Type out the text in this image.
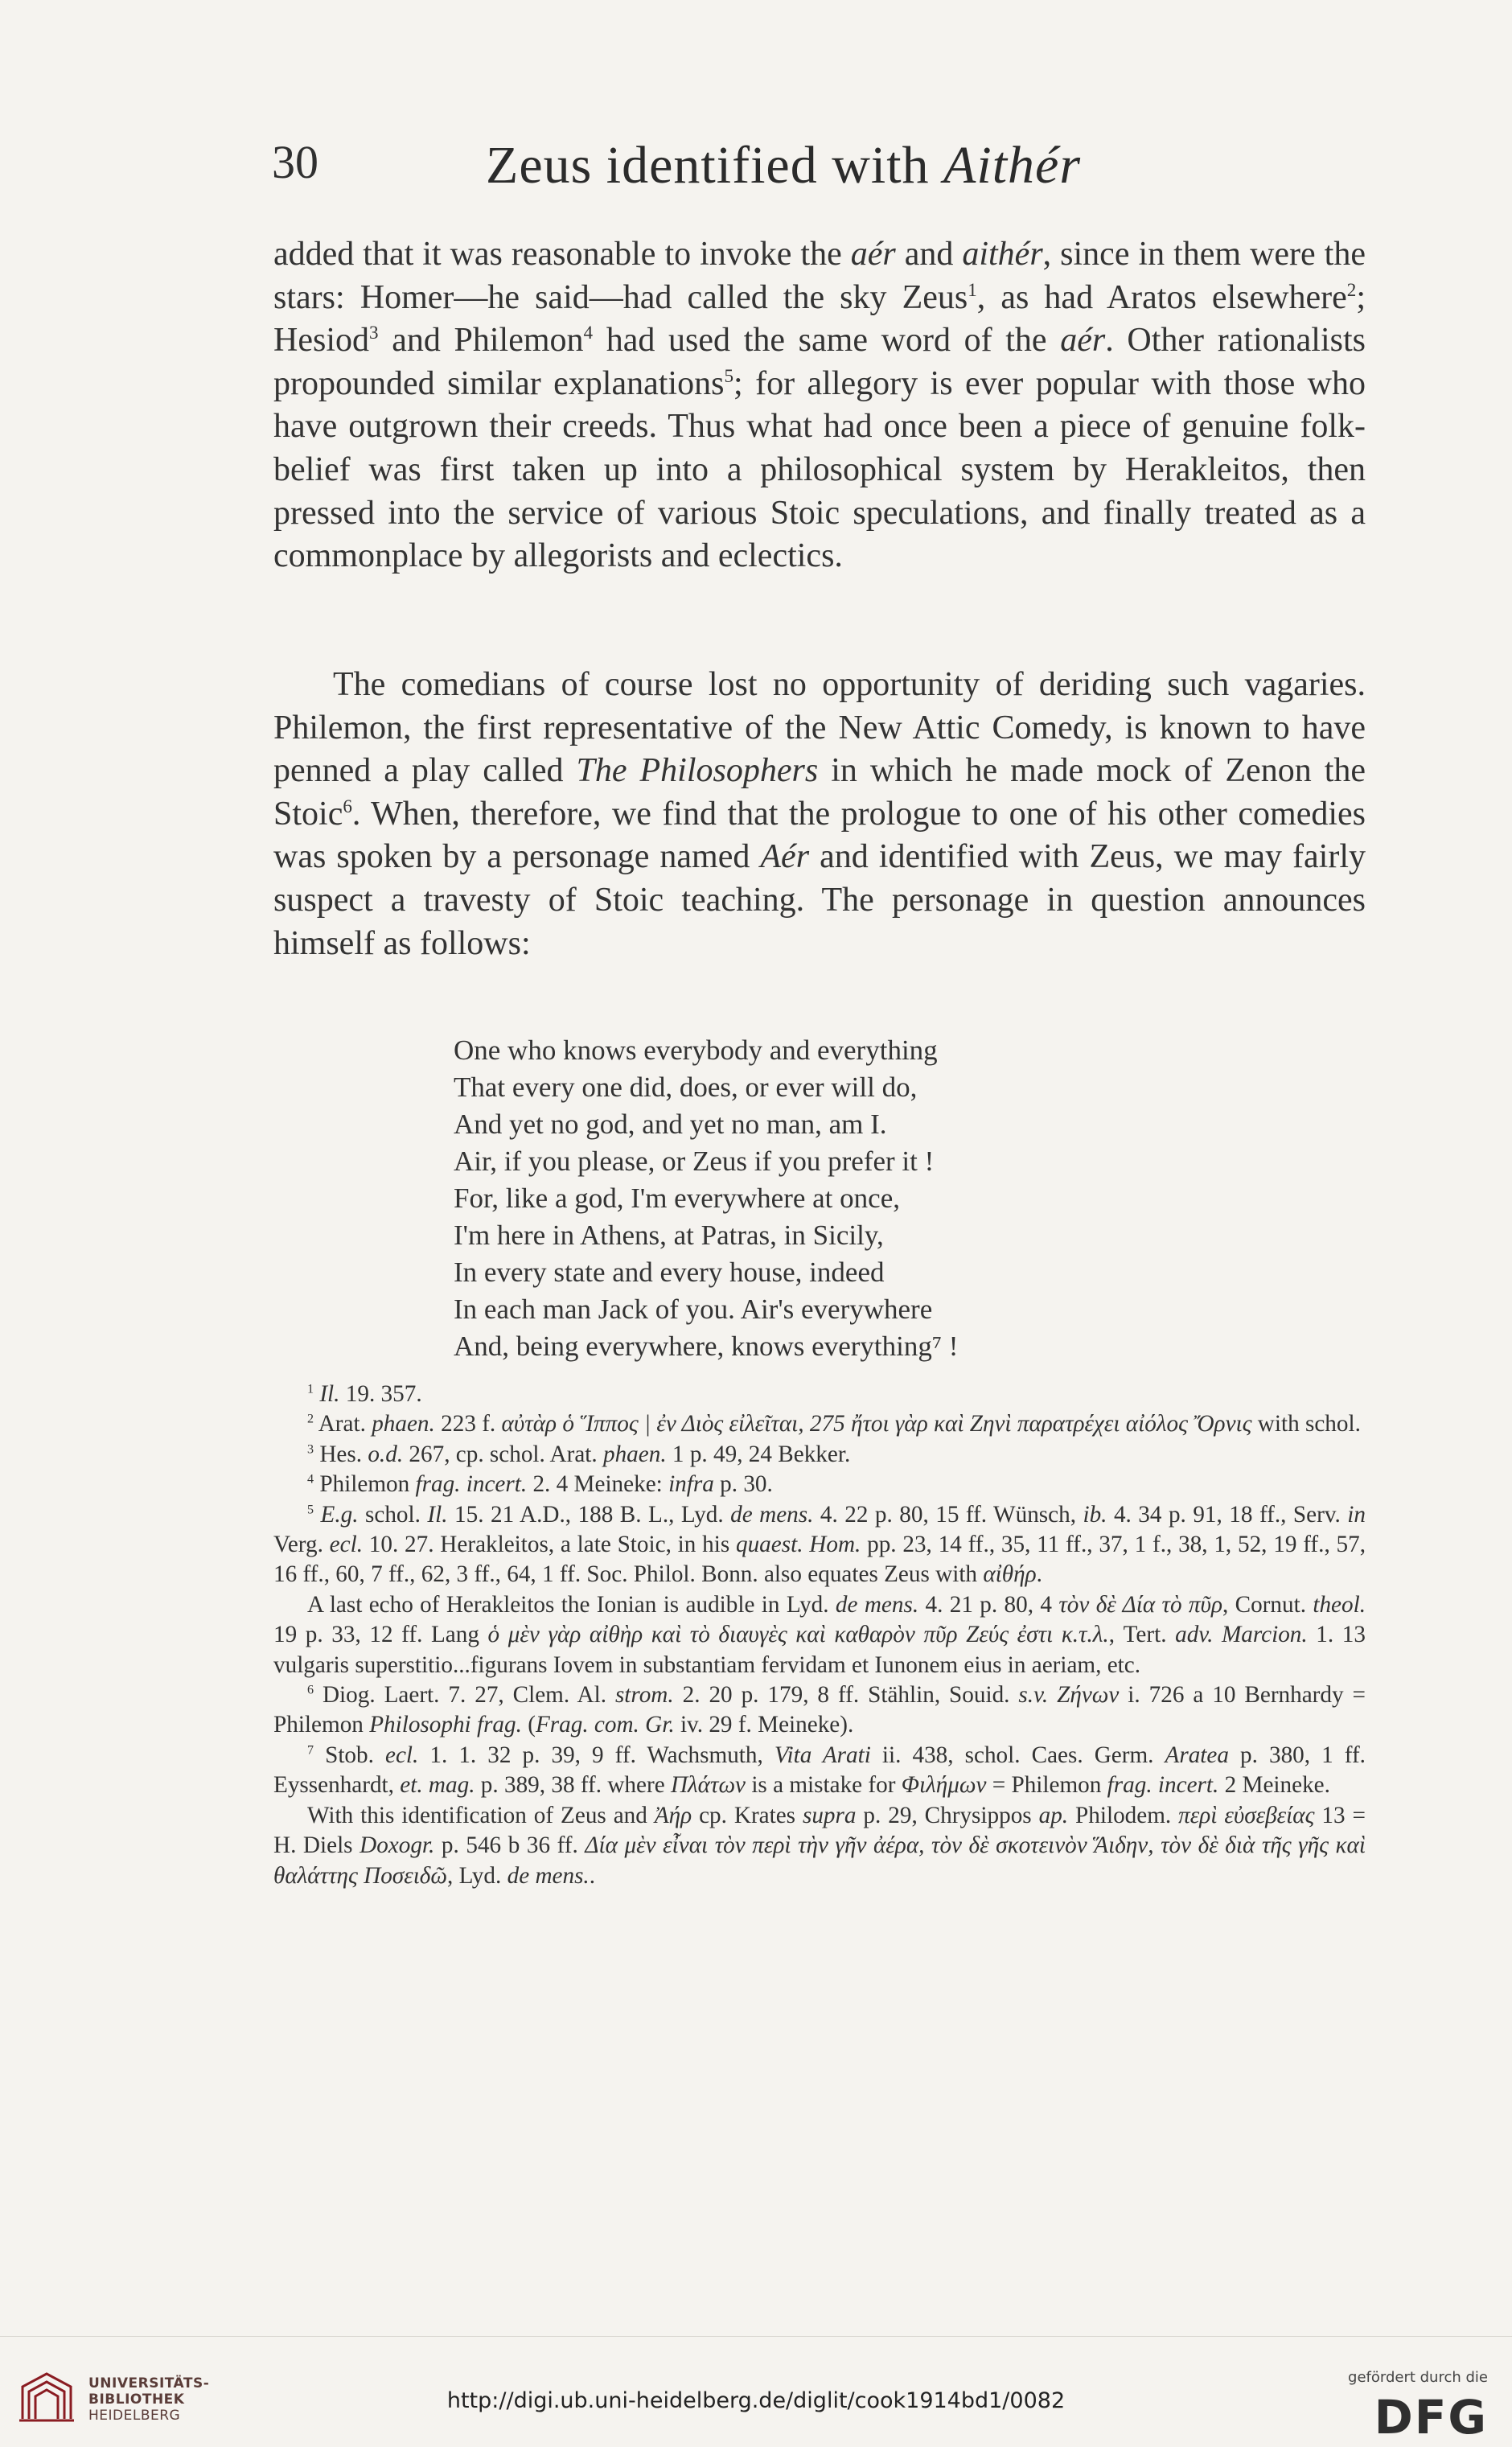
30	Zeus identified with Aithér

added that it was reasonable to invoke the aér and aithér, since in them were the stars: Homer—he said—had called the sky Zeus$^1$, as had Aratos elsewhere$^2$; Hesiod$^3$ and Philemon$^4$ had used the same word of the aér. Other rationalists propounded similar explanations$^5$; for allegory is ever popular with those who have outgrown their creeds. Thus what had once been a piece of genuine folk-belief was first taken up into a philosophical system by Herakleitos, then pressed into the service of various Stoic speculations, and finally treated as a commonplace by allegorists and eclectics.

The comedians of course lost no opportunity of deriding such vagaries. Philemon, the first representative of the New Attic Comedy, is known to have penned a play called The Philosophers in which he made mock of Zenon the Stoic$^6$. When, therefore, we find that the prologue to one of his other comedies was spoken by a personage named Aér and identified with Zeus, we may fairly suspect a travesty of Stoic teaching. The personage in question announces himself as follows:

One who knows everybody and everything
That every one did, does, or ever will do,
And yet no god, and yet no man, am I.
Air, if you please, or Zeus if you prefer it !
For, like a god, I'm everywhere at once,
I'm here in Athens, at Patras, in Sicily,
In every state and every house, indeed
In each man Jack of you. Air's everywhere
And, being everywhere, knows everything⁷ !

$^1$ Il. 19. 357.

$^2$ Arat. phaen. 223 f. αὐτὰρ ὁ Ἵππος | ἐν Διὸς εἰλεῖται, 275 ἤτοι γὰρ καὶ Ζηνὶ παρατρέχει αἰόλος Ὄρνις with schol.

$^3$ Hes. o.d. 267, cp. schol. Arat. phaen. 1 p. 49, 24 Bekker.

$^4$ Philemon frag. incert. 2. 4 Meineke: infra p. 30.

$^5$ E.g. schol. Il. 15. 21 A.D., 188 B. L., Lyd. de mens. 4. 22 p. 80, 15 ff. Wünsch, ib. 4. 34 p. 91, 18 ff., Serv. in Verg. ecl. 10. 27. Herakleitos, a late Stoic, in his quaest. Hom. pp. 23, 14 ff., 35, 11 ff., 37, 1 f., 38, 1, 52, 19 ff., 57, 16 ff., 60, 7 ff., 62, 3 ff., 64, 1 ff. Soc. Philol. Bonn. also equates Zeus with αἰθήρ.

A last echo of Herakleitos the Ionian is audible in Lyd. de mens. 4. 21 p. 80, 4 τὸν δὲ Δία τὸ πῦρ, Cornut. theol. 19 p. 33, 12 ff. Lang ὁ μὲν γὰρ αἰθὴρ καὶ τὸ διαυγὲς καὶ καθαρὸν πῦρ Ζεύς ἐστι κ.τ.λ., Tert. adv. Marcion. 1. 13 vulgaris superstitio...figurans Iovem in substantiam fervidam et Iunonem eius in aeriam, etc.

$^6$ Diog. Laert. 7. 27, Clem. Al. strom. 2. 20 p. 179, 8 ff. Stählin, Souid. s.v. Ζήνων i. 726 a 10 Bernhardy = Philemon Philosophi frag. (Frag. com. Gr. iv. 29 f. Meineke).

$^7$ Stob. ecl. 1. 1. 32 p. 39, 9 ff. Wachsmuth, Vita Arati ii. 438, schol. Caes. Germ. Aratea p. 380, 1 ff. Eyssenhardt, et. mag. p. 389, 38 ff. where Πλάτων is a mistake for Φιλήμων = Philemon frag. incert. 2 Meineke.

With this identification of Zeus and Ἀήρ cp. Krates supra p. 29, Chrysippos ap. Philodem. περὶ εὐσεβείας 13 = H. Diels Doxogr. p. 546 b 36 ff. Δία μὲν εἶναι τὸν περὶ τὴν γῆν ἀέρα, τὸν δὲ σκοτεινὸν Ἅιδην, τὸν δὲ διὰ τῆς γῆς καὶ θαλάττης Ποσειδῶ, Lyd. de mens..

UNIVERSITÄTS-
BIBLIOTHEK
HEIDELBERG
http://digi.ub.uni-heidelberg.de/diglit/cook1914bd1/0082
gefördert durch die
DFG
